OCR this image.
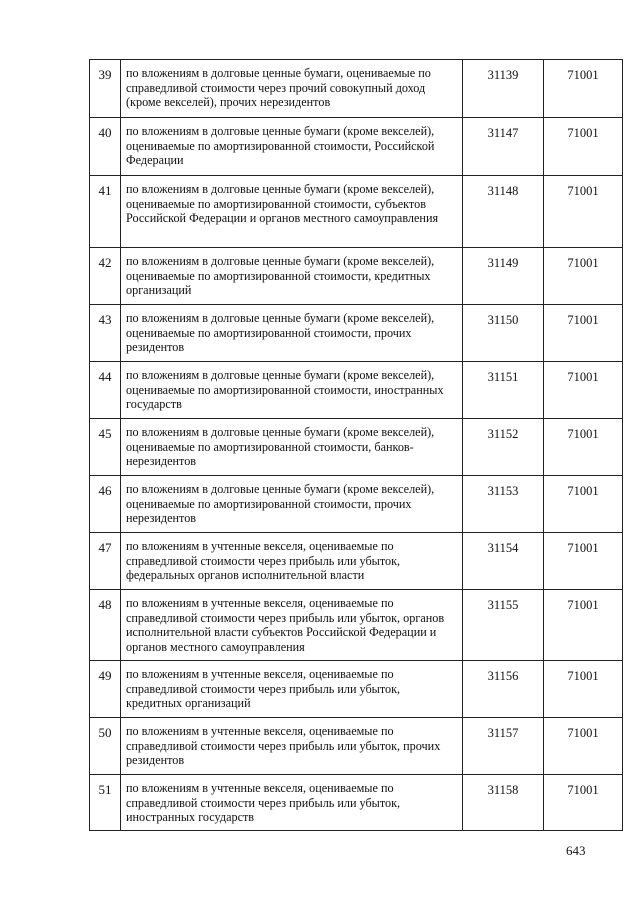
39	по вложениям в долговые ценные бумаги, оцениваемые по справедливой стоимости через прочий совокупный доход (кроме векселей), прочих нерезидентов	31139	71001
40	по вложениям в долговые ценные бумаги (кроме векселей), оцениваемые по амортизированной стоимости, Российской Федерации	31147	71001
41	по вложениям в долговые ценные бумаги (кроме векселей), оцениваемые по амортизированной стоимости, субъектов Российской Федерации и органов местного самоуправления	31148	71001
42	по вложениям в долговые ценные бумаги (кроме векселей), оцениваемые по амортизированной стоимости, кредитных организаций	31149	71001
43	по вложениям в долговые ценные бумаги (кроме векселей), оцениваемые по амортизированной стоимости, прочих резидентов	31150	71001
44	по вложениям в долговые ценные бумаги (кроме векселей), оцениваемые по амортизированной стоимости, иностранных государств	31151	71001
45	по вложениям в долговые ценные бумаги (кроме векселей), оцениваемые по амортизированной стоимости, банков-нерезидентов	31152	71001
46	по вложениям в долговые ценные бумаги (кроме векселей), оцениваемые по амортизированной стоимости, прочих нерезидентов	31153	71001
47	по вложениям в учтенные векселя, оцениваемые по справедливой стоимости через прибыль или убыток, федеральных органов исполнительной власти	31154	71001
48	по вложениям в учтенные векселя, оцениваемые по справедливой стоимости через прибыль или убыток, органов исполнительной власти субъектов Российской Федерации и органов местного самоуправления	31155	71001
49	по вложениям в учтенные векселя, оцениваемые по справедливой стоимости через прибыль или убыток, кредитных организаций	31156	71001
50	по вложениям в учтенные векселя, оцениваемые по справедливой стоимости через прибыль или убыток, прочих резидентов	31157	71001
51	по вложениям в учтенные векселя, оцениваемые по справедливой стоимости через прибыль или убыток, иностранных государств	31158	71001
643
